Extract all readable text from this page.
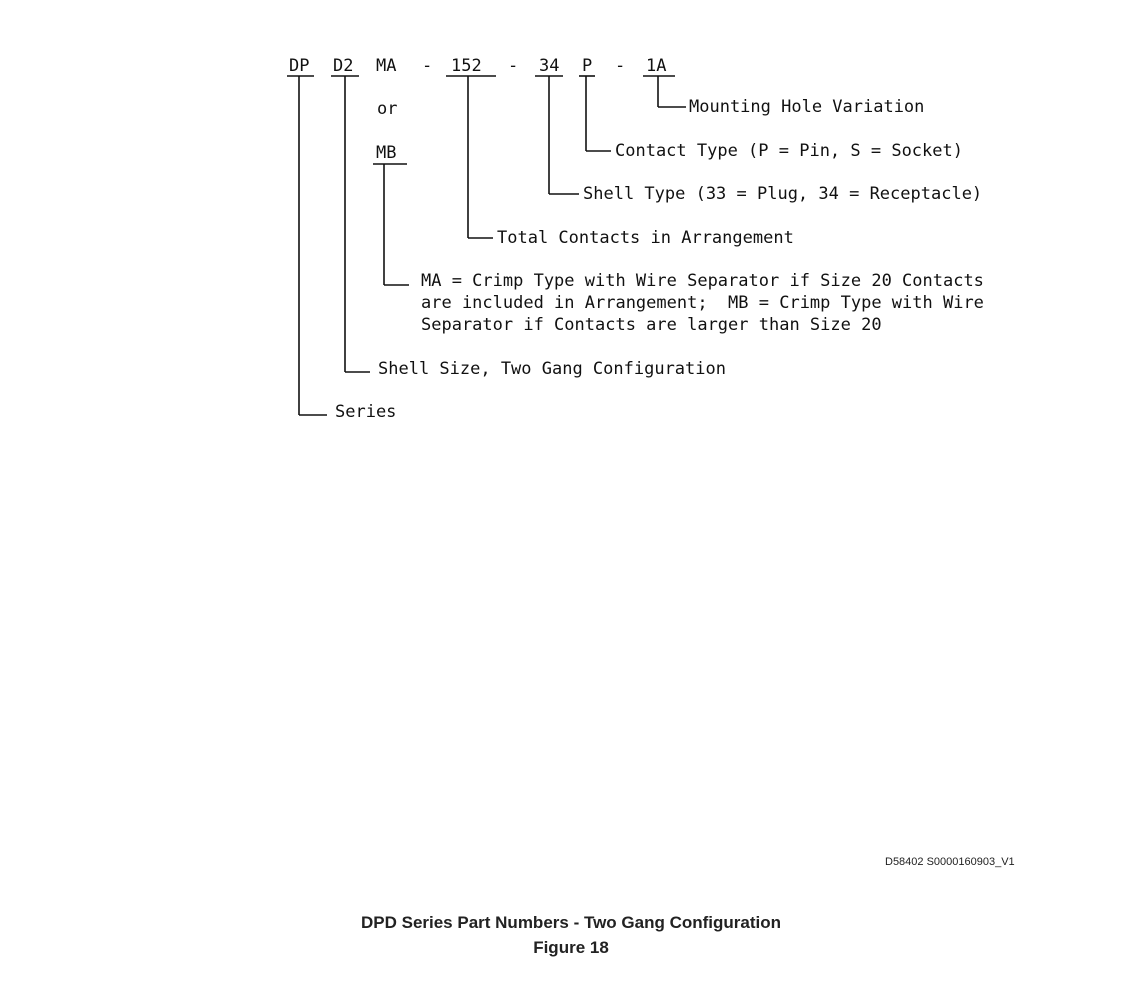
DP D2 MA - 152 - 34 P - 1A
or
MB
Mounting Hole Variation
Contact Type (P = Pin, S = Socket)
Shell Type (33 = Plug, 34 = Receptacle)
Total Contacts in Arrangement
MA = Crimp Type with Wire Separator if Size 20 Contacts
are included in Arrangement;  MB = Crimp Type with Wire
Separator if Contacts are larger than Size 20
Shell Size, Two Gang Configuration
Series
D58402 S0000160903_V1
DPD Series Part Numbers - Two Gang Configuration
Figure 18
